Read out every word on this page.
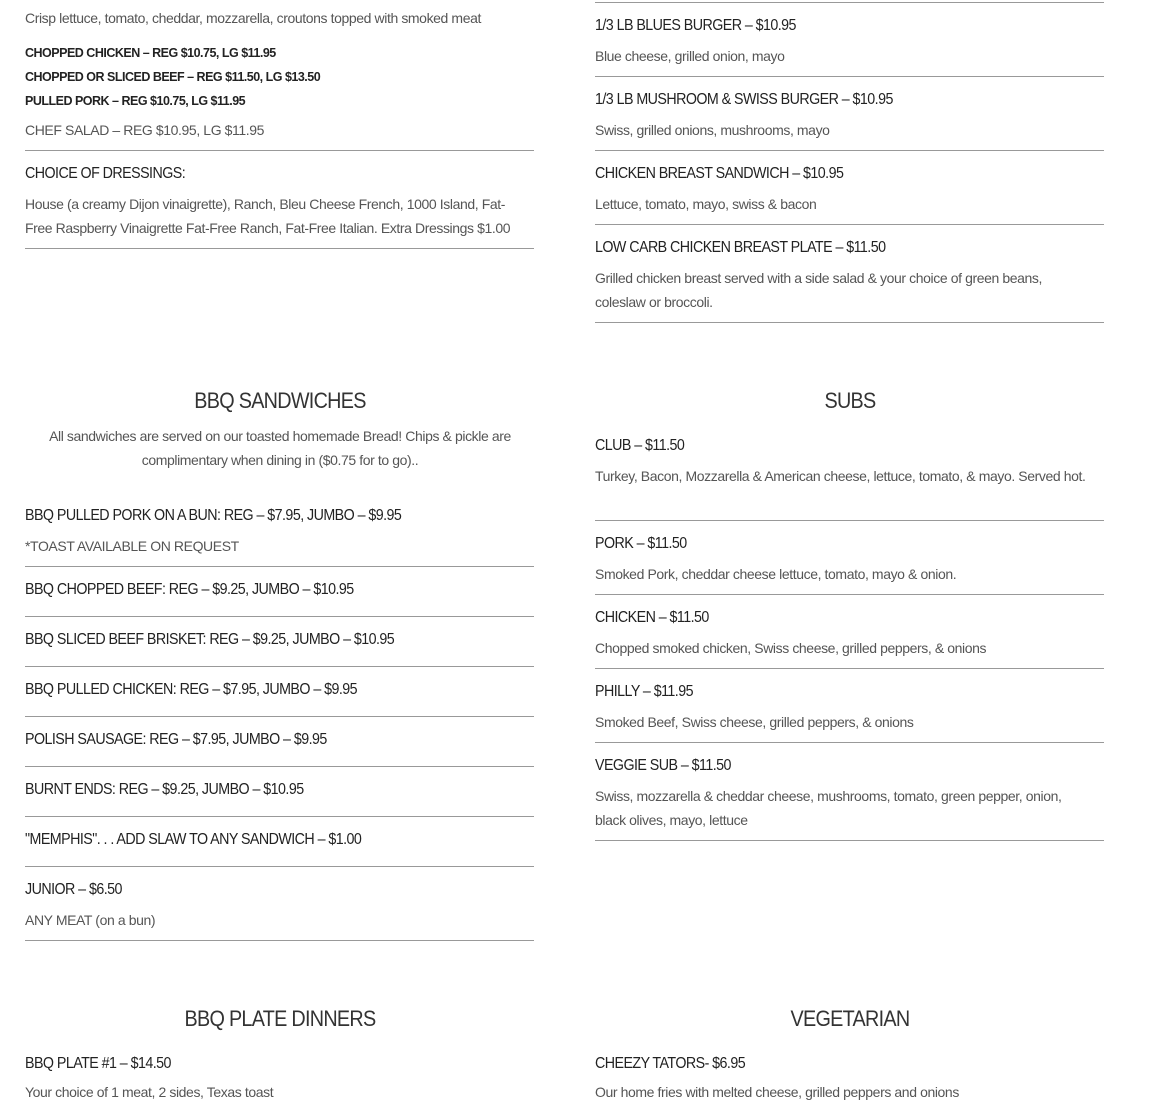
Crisp lettuce, tomato, cheddar, mozzarella, croutons topped with smoked meat
CHOPPED CHICKEN – REG $10.75, LG $11.95
CHOPPED OR SLICED BEEF – REG $11.50, LG $13.50
PULLED PORK – REG $10.75, LG $11.95
CHEF SALAD – REG $10.95, LG $11.95
CHOICE OF DRESSINGS:
House (a creamy Dijon vinaigrette), Ranch, Bleu Cheese French, 1000 Island, Fat-Free Raspberry Vinaigrette Fat-Free Ranch, Fat-Free Italian. Extra Dressings $1.00
1/3 LB BLUES BURGER – $10.95
Blue cheese, grilled onion, mayo
1/3 LB MUSHROOM & SWISS BURGER – $10.95
Swiss, grilled onions, mushrooms, mayo
CHICKEN BREAST SANDWICH – $10.95
Lettuce, tomato, mayo, swiss & bacon
LOW CARB CHICKEN BREAST PLATE – $11.50
Grilled chicken breast served with a side salad & your choice of green beans, coleslaw or broccoli.
BBQ SANDWICHES
All sandwiches are served on our toasted homemade Bread! Chips & pickle are complimentary when dining in ($0.75 for to go)..
BBQ PULLED PORK ON A BUN: REG – $7.95, JUMBO – $9.95
*TOAST AVAILABLE ON REQUEST
BBQ CHOPPED BEEF: REG – $9.25, JUMBO – $10.95
BBQ SLICED BEEF BRISKET: REG – $9.25, JUMBO – $10.95
BBQ PULLED CHICKEN: REG – $7.95, JUMBO – $9.95
POLISH SAUSAGE: REG – $7.95, JUMBO – $9.95
BURNT ENDS: REG – $9.25, JUMBO – $10.95
"MEMPHIS". . . ADD SLAW TO ANY SANDWICH – $1.00
JUNIOR – $6.50
ANY MEAT (on a bun)
SUBS
CLUB – $11.50
Turkey, Bacon, Mozzarella & American cheese, lettuce, tomato, & mayo. Served hot.
PORK – $11.50
Smoked Pork, cheddar cheese lettuce, tomato, mayo & onion.
CHICKEN – $11.50
Chopped smoked chicken, Swiss cheese, grilled peppers, & onions
PHILLY – $11.95
Smoked Beef, Swiss cheese, grilled peppers, & onions
VEGGIE SUB – $11.50
Swiss, mozzarella & cheddar cheese, mushrooms, tomato, green pepper, onion, black olives, mayo, lettuce
BBQ PLATE DINNERS
BBQ PLATE #1 – $14.50
Your choice of 1 meat, 2 sides, Texas toast
VEGETARIAN
CHEEZY TATORS- $6.95
Our home fries with melted cheese, grilled peppers and onions
